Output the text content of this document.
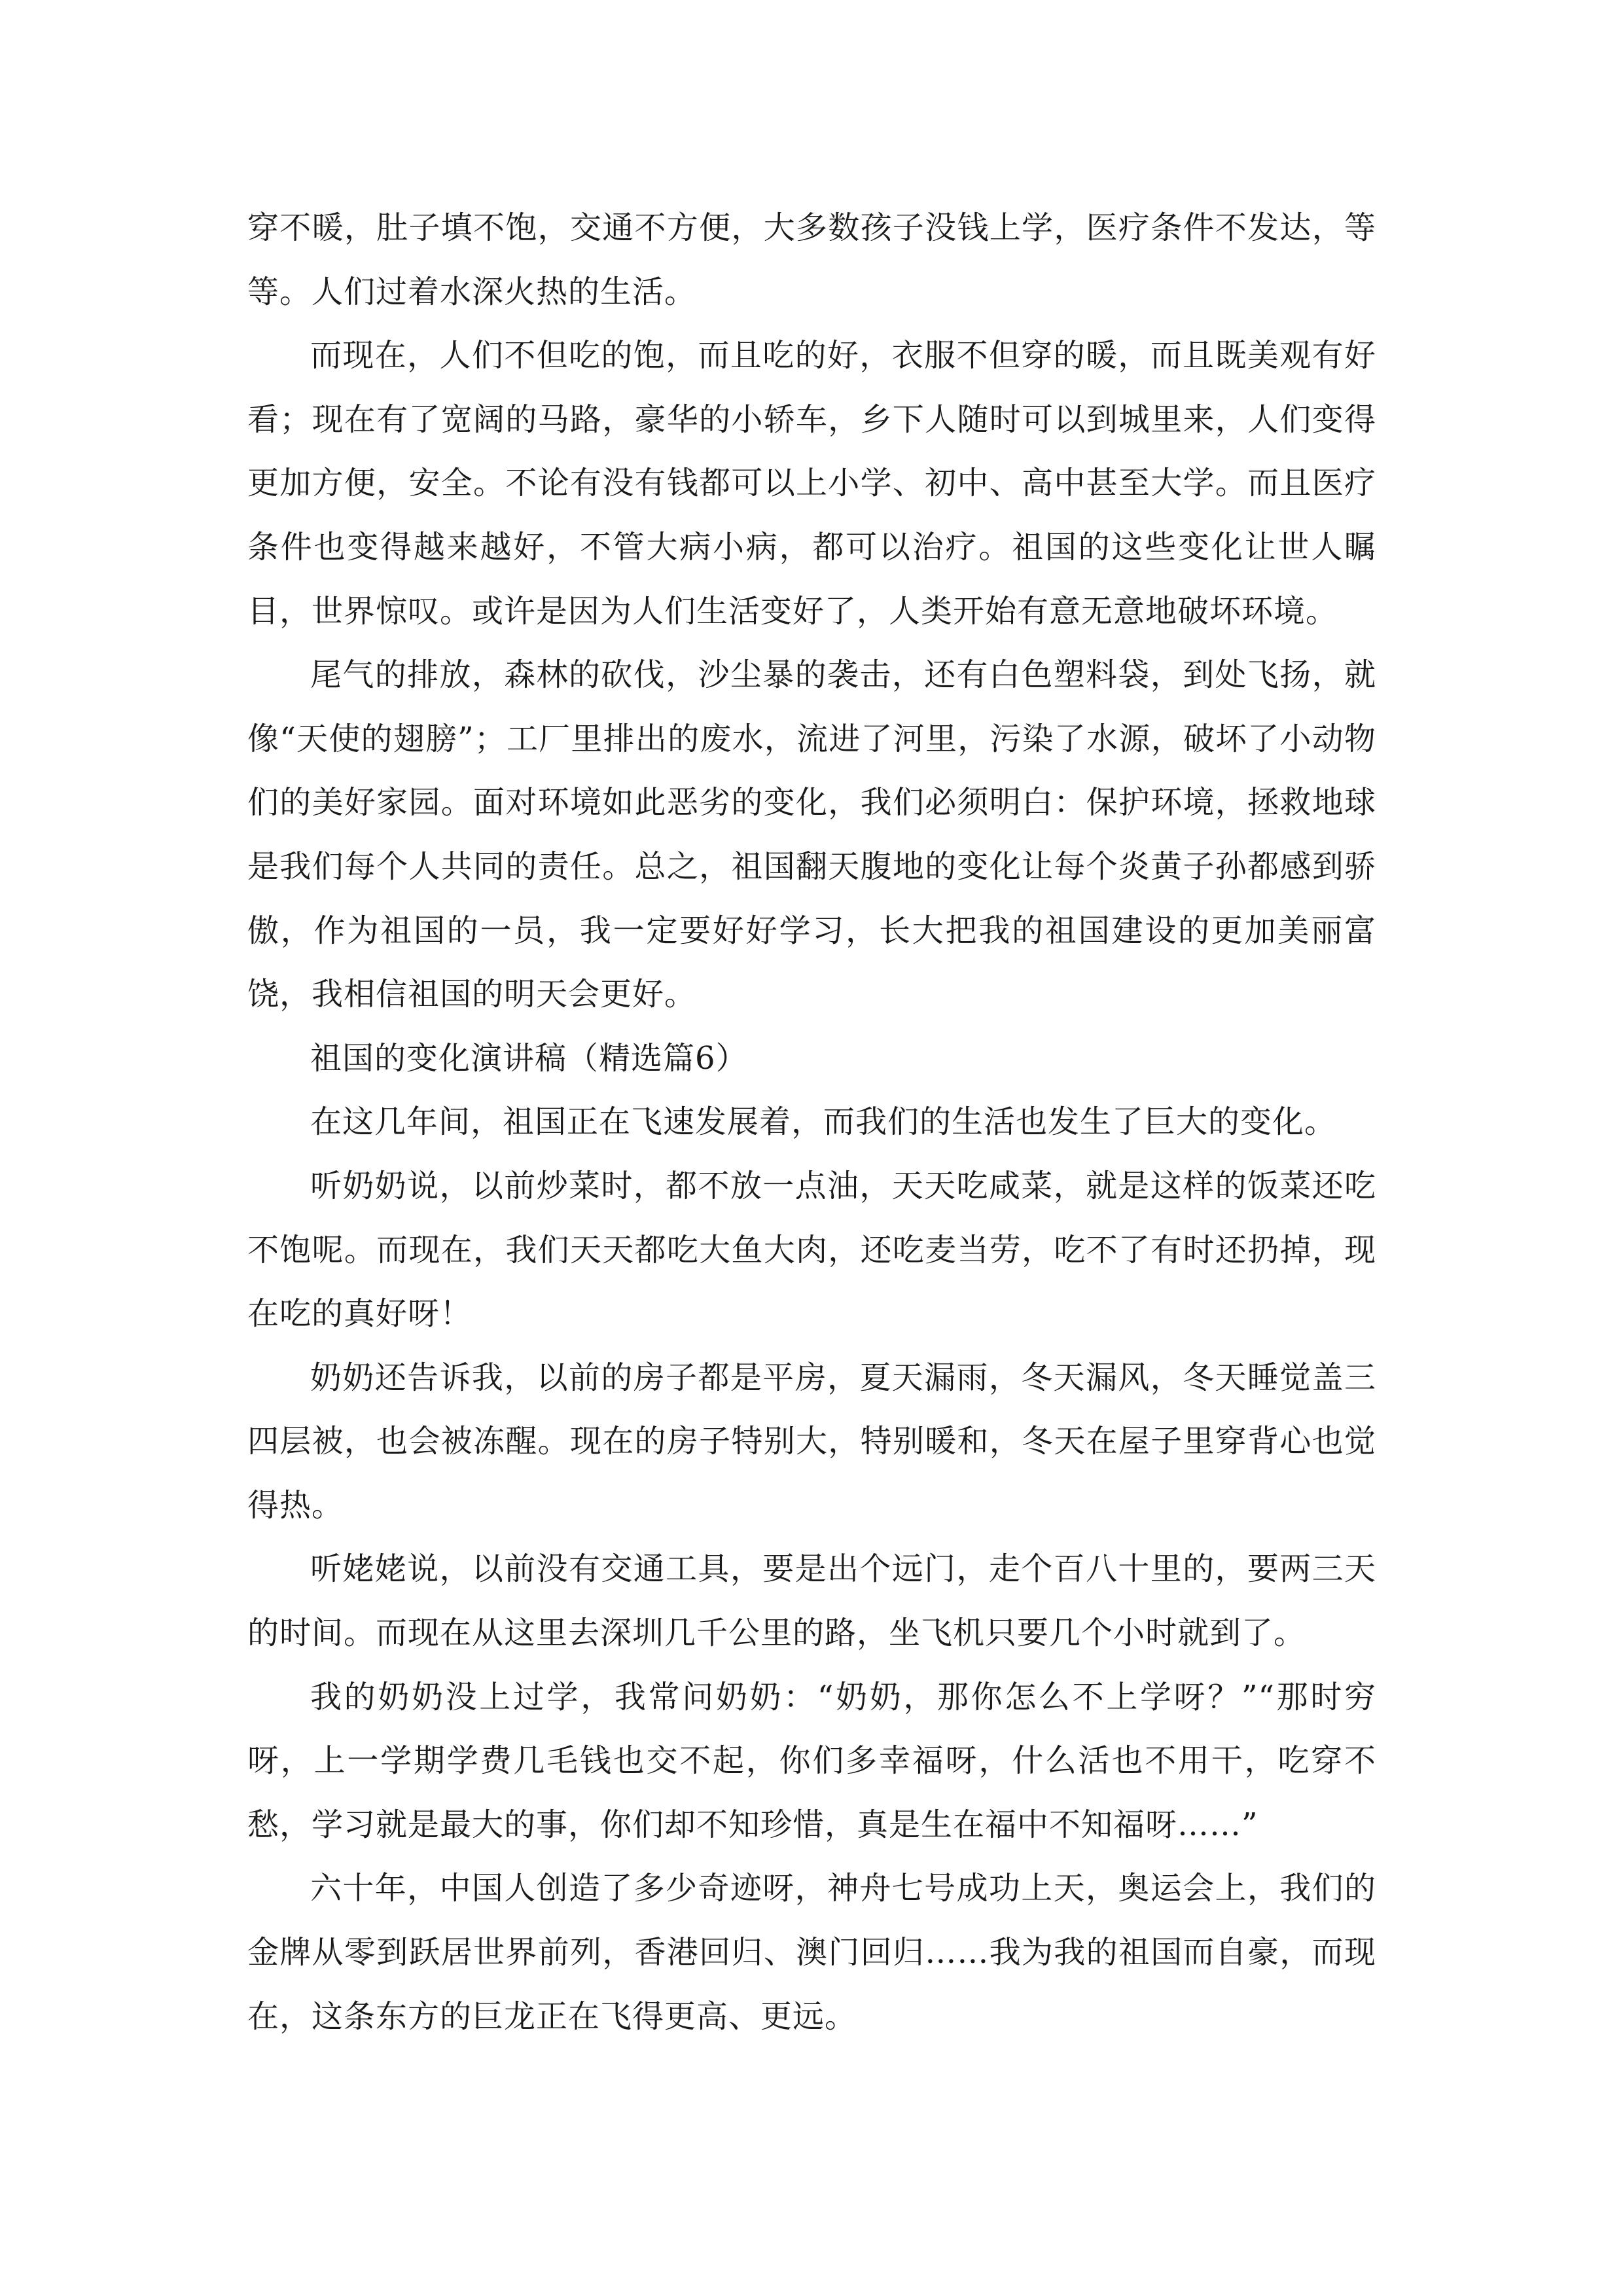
穿不暖，肚子填不饱，交通不方便，大多数孩子没钱上学，医疗条件不发达，等等。人们过着水深火热的生活。

而现在，人们不但吃的饱，而且吃的好，衣服不但穿的暖，而且既美观有好看；现在有了宽阔的马路，豪华的小轿车，乡下人随时可以到城里来，人们变得更加方便，安全。不论有没有钱都可以上小学、初中、高中甚至大学。而且医疗条件也变得越来越好，不管大病小病，都可以治疗。祖国的这些变化让世人瞩目，世界惊叹。或许是因为人们生活变好了，人类开始有意无意地破坏环境。

尾气的排放，森林的砍伐，沙尘暴的袭击，还有白色塑料袋，到处飞扬，就像“天使的翅膀”；工厂里排出的废水，流进了河里，污染了水源，破坏了小动物们的美好家园。面对环境如此恶劣的变化，我们必须明白：保护环境，拯救地球是我们每个人共同的责任。总之，祖国翻天腹地的变化让每个炎黄子孙都感到骄傲，作为祖国的一员，我一定要好好学习，长大把我的祖国建设的更加美丽富饶，我相信祖国的明天会更好。

祖国的变化演讲稿（精选篇6）

在这几年间，祖国正在飞速发展着，而我们的生活也发生了巨大的变化。

听奶奶说，以前炒菜时，都不放一点油，天天吃咸菜，就是这样的饭菜还吃不饱呢。而现在，我们天天都吃大鱼大肉，还吃麦当劳，吃不了有时还扔掉，现在吃的真好呀！

奶奶还告诉我，以前的房子都是平房，夏天漏雨，冬天漏风，冬天睡觉盖三四层被，也会被冻醒。现在的房子特别大，特别暖和，冬天在屋子里穿背心也觉得热。

听姥姥说，以前没有交通工具，要是出个远门，走个百八十里的，要两三天的时间。而现在从这里去深圳几千公里的路，坐飞机只要几个小时就到了。

我的奶奶没上过学，我常问奶奶：“奶奶，那你怎么不上学呀？”“那时穷呀，上一学期学费几毛钱也交不起，你们多幸福呀，什么活也不用干，吃穿不愁，学习就是最大的事，你们却不知珍惜，真是生在福中不知福呀……”

六十年，中国人创造了多少奇迹呀，神舟七号成功上天，奥运会上，我们的金牌从零到跃居世界前列，香港回归、澳门回归……我为我的祖国而自豪，而现在，这条东方的巨龙正在飞得更高、更远。
